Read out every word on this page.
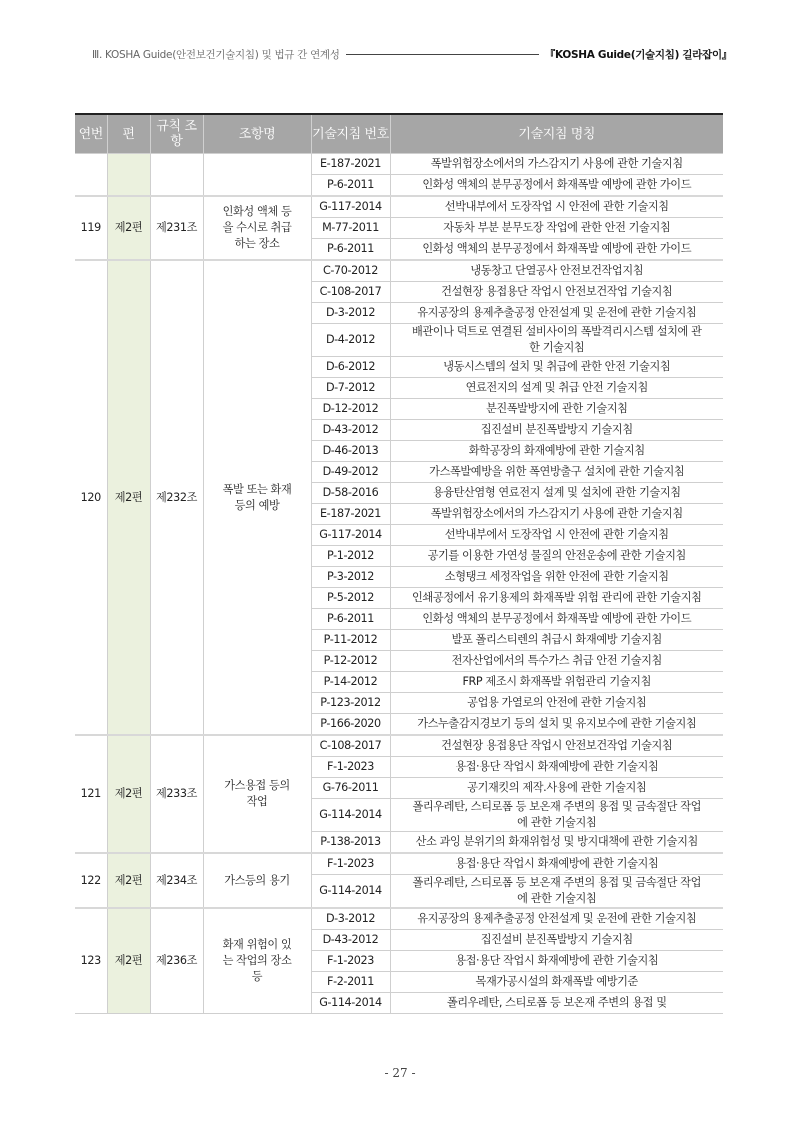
Ⅲ. KOSHA Guide(안전보건기술지침) 및 법규 간 연계성	『KOSHA Guide(기술지침) 길라잡이』
연번	편	규칙 조항	조항명	기술지침 번호	기술지침 명칭
				E-187-2021	폭발위험장소에서의 가스감지기 사용에 관한 기술지침
				P-6-2011	인화성 액체의 분무공정에서 화재폭발 예방에 관한 가이드
119	제2편	제231조	인화성 액체 등을 수시로 취급하는 장소	G-117-2014	선박내부에서 도장작업 시 안전에 관한 기술지침
				M-77-2011	자동차 부분 분무도장 작업에 관한 안전 기술지침
				P-6-2011	인화성 액체의 분무공정에서 화재폭발 예방에 관한 가이드
120	제2편	제232조	폭발 또는 화재 등의 예방	C-70-2012	냉동창고 단열공사 안전보건작업지침
				C-108-2017	건설현장 용접용단 작업시 안전보건작업 기술지침
				D-3-2012	유지공장의 용제추출공정 안전설계 및 운전에 관한 기술지침
				D-4-2012	배관이나 덕트로 연결된 설비사이의 폭발격리시스템 설치에 관한 기술지침
				D-6-2012	냉동시스템의 설치 및 취급에 관한 안전 기술지침
				D-7-2012	연료전지의 설계 및 취급 안전 기술지침
				D-12-2012	분진폭발방지에 관한 기술지침
				D-43-2012	집진설비 분진폭발방지 기술지침
				D-46-2013	화학공장의 화재예방에 관한 기술지침
				D-49-2012	가스폭발예방을 위한 폭연방출구 설치에 관한 기술지침
				D-58-2016	용융탄산염형 연료전지 설계 및 설치에 관한 기술지침
				E-187-2021	폭발위험장소에서의 가스감지기 사용에 관한 기술지침
				G-117-2014	선박내부에서 도장작업 시 안전에 관한 기술지침
				P-1-2012	공기를 이용한 가연성 물질의 안전운송에 관한 기술지침
				P-3-2012	소형탱크 세정작업을 위한 안전에 관한 기술지침
				P-5-2012	인쇄공정에서 유기용제의 화재폭발 위험 관리에 관한 기술지침
				P-6-2011	인화성 액체의 분무공정에서 화재폭발 예방에 관한 가이드
				P-11-2012	발포 폴리스티렌의 취급시 화재예방 기술지침
				P-12-2012	전자산업에서의 특수가스 취급 안전 기술지침
				P-14-2012	FRP 제조시 화재폭발 위험관리 기술지침
				P-123-2012	공업용 가열로의 안전에 관한 기술지침
				P-166-2020	가스누출감지경보기 등의 설치 및 유지보수에 관한 기술지침
121	제2편	제233조	가스용접 등의 작업	C-108-2017	건설현장 용접용단 작업시 안전보건작업 기술지침
				F-1-2023	용접·용단 작업시 화재예방에 관한 기술지침
				G-76-2011	공기재킷의 제작.사용에 관한 기술지침
				G-114-2014	폴리우레탄, 스티로폼 등 보온재 주변의 용접 및 금속절단 작업에 관한 기술지침
				P-138-2013	산소 과잉 분위기의 화재위험성 및 방지대책에 관한 기술지침
122	제2편	제234조	가스등의 용기	F-1-2023	용접·용단 작업시 화재예방에 관한 기술지침
				G-114-2014	폴리우레탄, 스티로폼 등 보온재 주변의 용접 및 금속절단 작업에 관한 기술지침
123	제2편	제236조	화재 위험이 있는 작업의 장소 등	D-3-2012	유지공장의 용제추출공정 안전설계 및 운전에 관한 기술지침
				D-43-2012	집진설비 분진폭발방지 기술지침
				F-1-2023	용접·용단 작업시 화재예방에 관한 기술지침
				F-2-2011	목재가공시설의 화재폭발 예방기준
				G-114-2014	폴리우레탄, 스티로폼 등 보온재 주변의 용접 및
- 27 -
